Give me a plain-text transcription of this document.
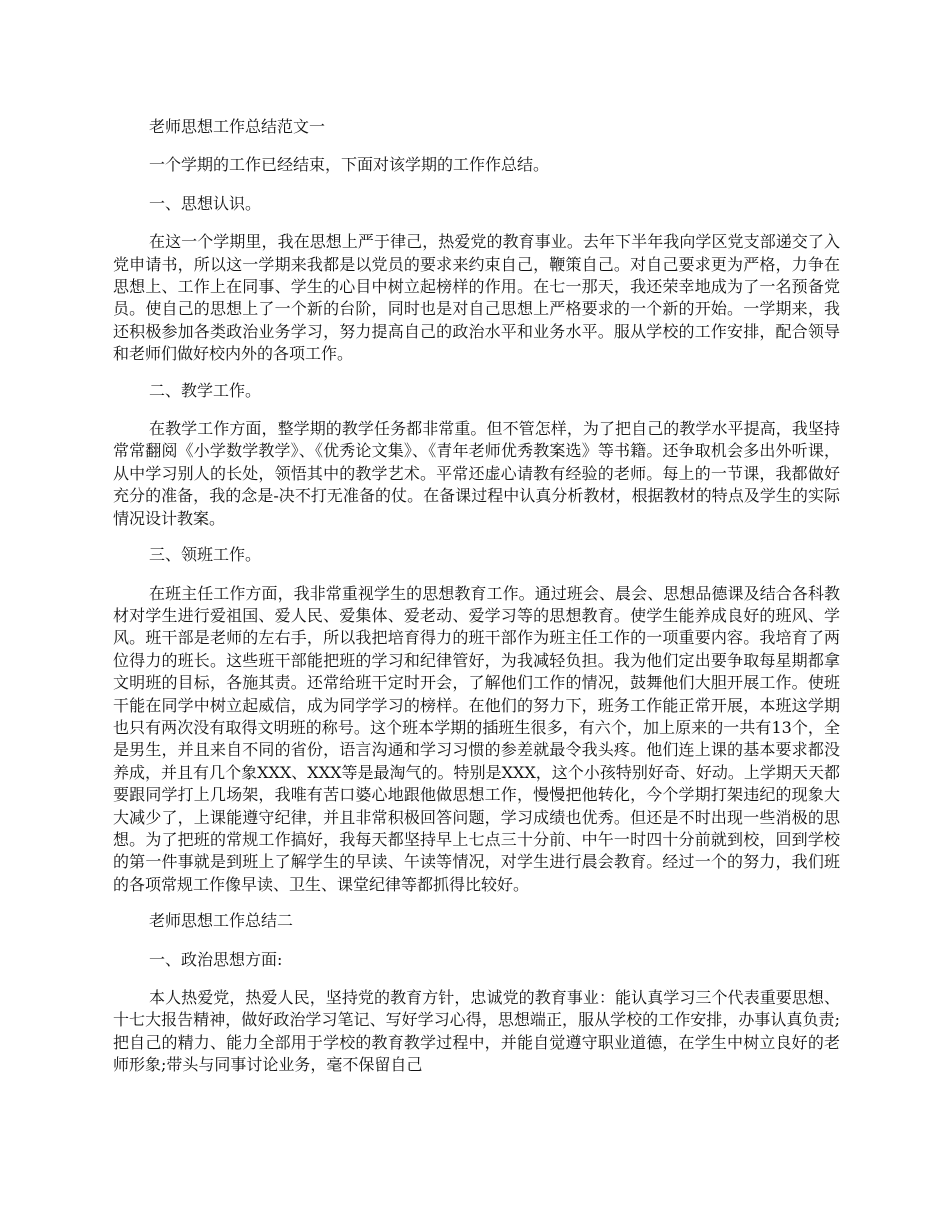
老师思想工作总结范文一

一个学期的工作已经结束，下面对该学期的工作作总结。

一、思想认识。

在这一个学期里，我在思想上严于律己，热爱党的教育事业。去年下半年我向学区党支部递交了入党申请书，所以这一学期来我都是以党员的要求来约束自己，鞭策自己。对自己要求更为严格，力争在思想上、工作上在同事、学生的心目中树立起榜样的作用。在七一那天，我还荣幸地成为了一名预备党员。使自己的思想上了一个新的台阶，同时也是对自己思想上严格要求的一个新的开始。一学期来，我还积极参加各类政治业务学习，努力提高自己的政治水平和业务水平。服从学校的工作安排，配合领导和老师们做好校内外的各项工作。

二、教学工作。

在教学工作方面，整学期的教学任务都非常重。但不管怎样，为了把自己的教学水平提高，我坚持常常翻阅《小学数学教学》、《优秀论文集》、《青年老师优秀教案选》等书籍。还争取机会多出外听课，从中学习别人的长处，领悟其中的教学艺术。平常还虚心请教有经验的老师。每上的一节课，我都做好充分的准备，我的念是-决不打无准备的仗。在备课过程中认真分析教材，根据教材的特点及学生的实际情况设计教案。

三、领班工作。

在班主任工作方面，我非常重视学生的思想教育工作。通过班会、晨会、思想品德课及结合各科教材对学生进行爱祖国、爱人民、爱集体、爱老动、爱学习等的思想教育。使学生能养成良好的班风、学风。班干部是老师的左右手，所以我把培育得力的班干部作为班主任工作的一项重要内容。我培育了两位得力的班长。这些班干部能把班的学习和纪律管好，为我减轻负担。我为他们定出要争取每星期都拿文明班的目标，各施其责。还常给班干定时开会，了解他们工作的情况，鼓舞他们大胆开展工作。使班干能在同学中树立起威信，成为同学学习的榜样。在他们的努力下，班务工作能正常开展，本班这学期也只有两次没有取得文明班的称号。这个班本学期的插班生很多，有六个，加上原来的一共有13个，全是男生，并且来自不同的省份，语言沟通和学习习惯的参差就最令我头疼。他们连上课的基本要求都没养成，并且有几个象XXX、XXX等是最淘气的。特别是XXX，这个小孩特别好奇、好动。上学期天天都要跟同学打上几场架，我唯有苦口婆心地跟他做思想工作，慢慢把他转化，今个学期打架违纪的现象大大减少了，上课能遵守纪律，并且非常积极回答问题，学习成绩也优秀。但还是不时出现一些消极的思想。为了把班的常规工作搞好，我每天都坚持早上七点三十分前、中午一时四十分前就到校，回到学校的第一件事就是到班上了解学生的早读、午读等情况，对学生进行晨会教育。经过一个的努力，我们班的各项常规工作像早读、卫生、课堂纪律等都抓得比较好。

老师思想工作总结二

一、政治思想方面:

本人热爱党，热爱人民，坚持党的教育方针，忠诚党的教育事业：能认真学习三个代表重要思想、十七大报告精神，做好政治学习笔记、写好学习心得，思想端正，服从学校的工作安排，办事认真负责;把自己的精力、能力全部用于学校的教育教学过程中，并能自觉遵守职业道德，在学生中树立良好的老师形象;带头与同事讨论业务，毫不保留自己
